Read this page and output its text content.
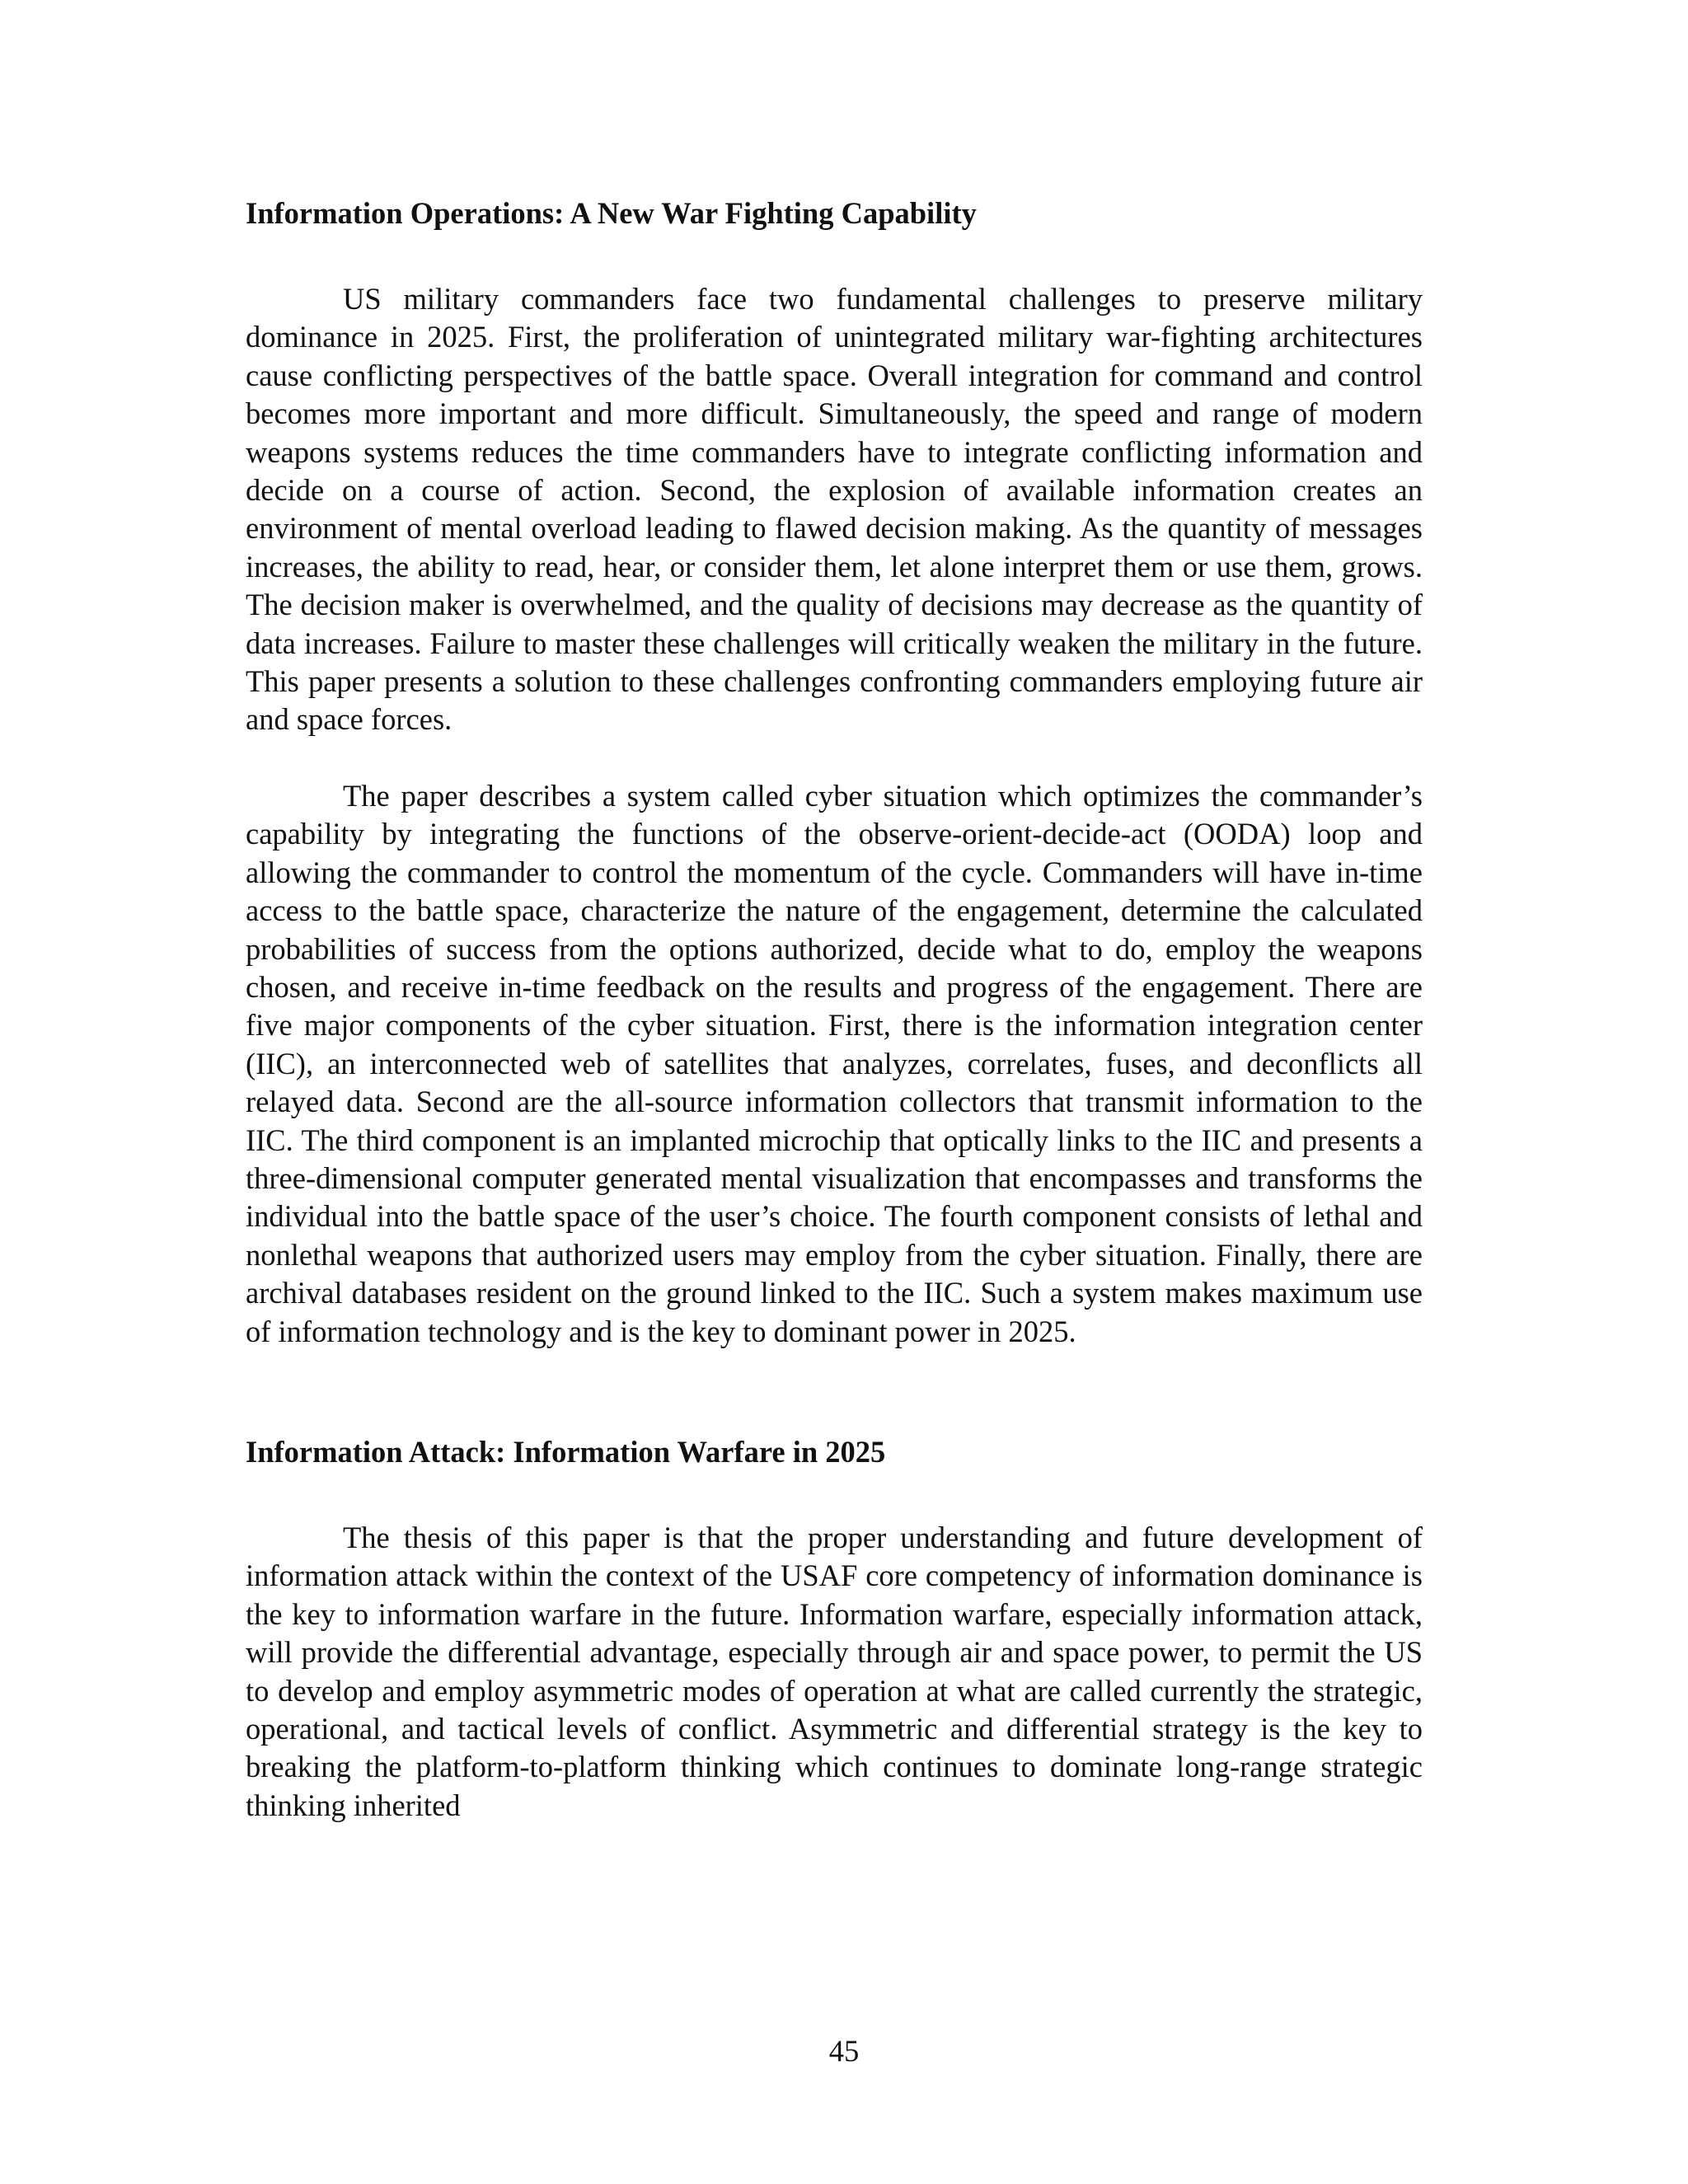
Information Operations: A New War Fighting Capability

US military commanders face two fundamental challenges to preserve military dominance in 2025. First, the proliferation of unintegrated military war-fighting architectures cause conflicting perspectives of the battle space. Overall integration for command and control becomes more important and more difficult. Simultaneously, the speed and range of modern weapons systems reduces the time commanders have to integrate conflicting information and decide on a course of action. Second, the explosion of available information creates an environment of mental overload leading to flawed decision making. As the quantity of messages increases, the ability to read, hear, or consider them, let alone interpret them or use them, grows. The decision maker is overwhelmed, and the quality of decisions may decrease as the quantity of data increases. Failure to master these challenges will critically weaken the military in the future. This paper presents a solution to these challenges confronting commanders employing future air and space forces.

The paper describes a system called cyber situation which optimizes the commander’s capability by integrating the functions of the observe-orient-decide-act (OODA) loop and allowing the commander to control the momentum of the cycle. Commanders will have in-time access to the battle space, characterize the nature of the engagement, determine the calculated probabilities of success from the options authorized, decide what to do, employ the weapons chosen, and receive in-time feedback on the results and progress of the engagement. There are five major components of the cyber situation. First, there is the information integration center (IIC), an interconnected web of satellites that analyzes, correlates, fuses, and deconflicts all relayed data. Second are the all-source information collectors that transmit information to the IIC. The third component is an implanted microchip that optically links to the IIC and presents a three-dimensional computer generated mental visualization that encompasses and transforms the individual into the battle space of the user’s choice. The fourth component consists of lethal and nonlethal weapons that authorized users may employ from the cyber situation. Finally, there are archival databases resident on the ground linked to the IIC. Such a system makes maximum use of information technology and is the key to dominant power in 2025.

Information Attack: Information Warfare in 2025

The thesis of this paper is that the proper understanding and future development of information attack within the context of the USAF core competency of information dominance is the key to information warfare in the future. Information warfare, especially information attack, will provide the differential advantage, especially through air and space power, to permit the US to develop and employ asymmetric modes of operation at what are called currently the strategic, operational, and tactical levels of conflict. Asymmetric and differential strategy is the key to breaking the platform-to-platform thinking which continues to dominate long-range strategic thinking inherited

45
